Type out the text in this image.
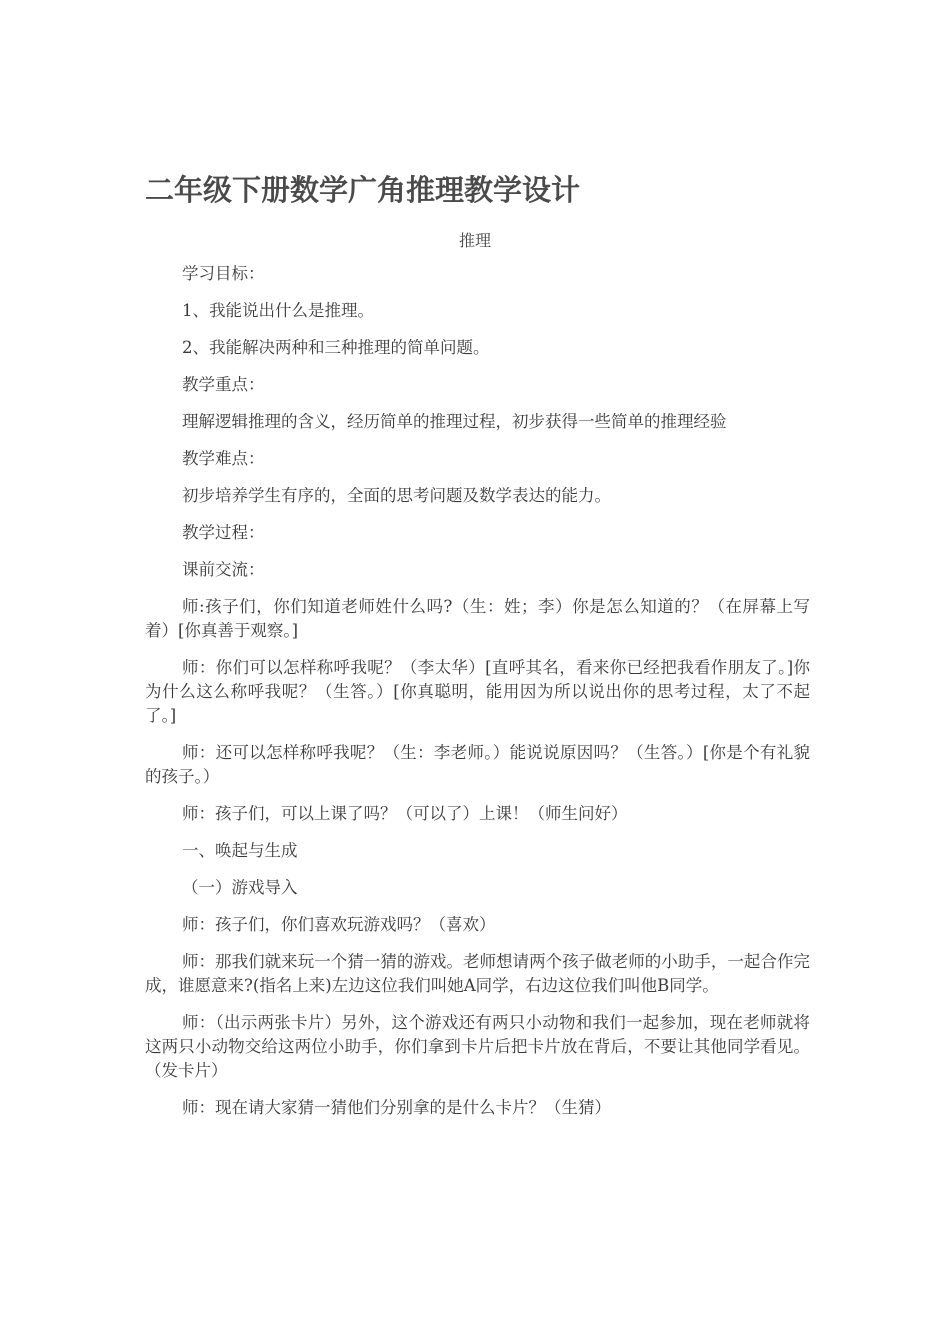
二年级下册数学广角推理教学设计
推理

学习目标：

1、我能说出什么是推理。

2、我能解决两种和三种推理的简单问题。

教学重点：

理解逻辑推理的含义，经历简单的推理过程，初步获得一些简单的推理经验

教学难点：

初步培养学生有序的，全面的思考问题及数学表达的能力。

教学过程：

课前交流：

师:孩子们，你们知道老师姓什么吗?（生：姓；李）你是怎么知道的？（在屏幕上写着）[你真善于观察。]

师：你们可以怎样称呼我呢？（李太华）[直呼其名，看来你已经把我看作朋友了。]你为什么这么称呼我呢？（生答。）[你真聪明，能用因为所以说出你的思考过程，太了不起了。]

师：还可以怎样称呼我呢？（生：李老师。）能说说原因吗？（生答。）[你是个有礼貌的孩子。）

师：孩子们，可以上课了吗？（可以了）上课！（师生问好）

一、唤起与生成

（一）游戏导入

师：孩子们，你们喜欢玩游戏吗？（喜欢）

师：那我们就来玩一个猜一猜的游戏。老师想请两个孩子做老师的小助手，一起合作完成，谁愿意来?(指名上来)左边这位我们叫她A同学，右边这位我们叫他B同学。

师：（出示两张卡片）另外，这个游戏还有两只小动物和我们一起参加，现在老师就将这两只小动物交给这两位小助手，你们拿到卡片后把卡片放在背后，不要让其他同学看见。（发卡片）

师：现在请大家猜一猜他们分别拿的是什么卡片？（生猜）
